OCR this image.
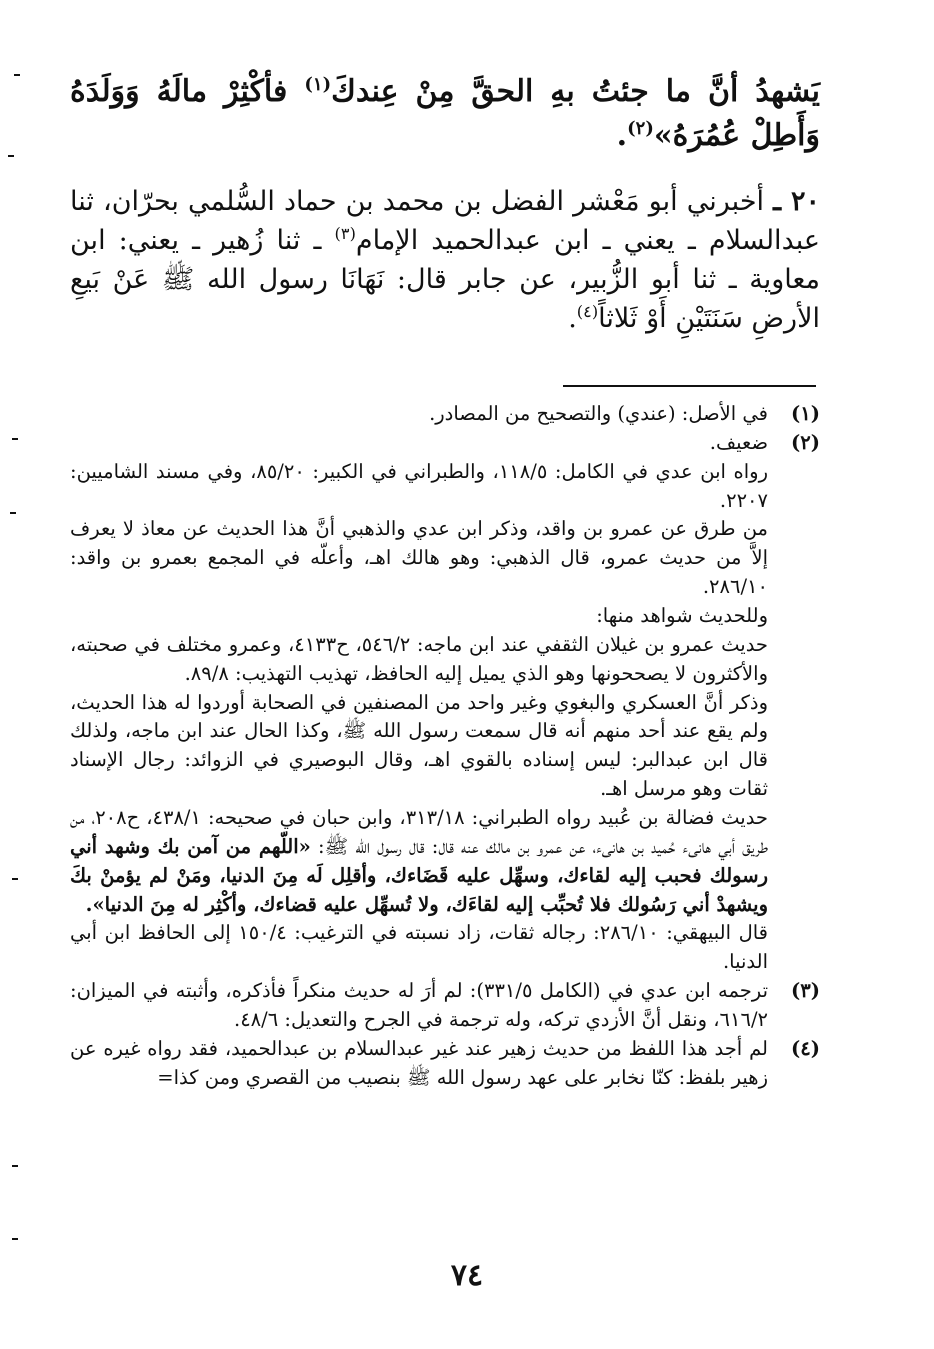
يَشهدُ أنَّ ما جئتُ بهِ الحقَّ مِنْ عِندكَ$^{(١)}$ فأكْثِرْ مالَهُ وَوَلَدَهُ وَأَطِلْ عُمُرَهُ»$^{(٢)}$.
٢٠ ـ أخبرني أبو مَعْشر الفضل بن محمد بن حماد السُّلمي بحرّان، ثنا عبدالسلام ـ يعني ـ ابن عبدالحميد الإمام$^{(٣)}$ ـ ثنا زُهير ـ يعني: ابن معاوية ـ ثنا أبو الزُّبير، عن جابر قال: نَهَانَا رسول الله ﷺ عَنْ بَيعِ الأرضِ سَنَتَيْنِ أَوْ ثَلاثاً$^{(٤)}$.
(١)

في الأصل: (عندي) والتصحيح من المصادر.

(٢)

ضعيف.

رواه ابن عدي في الكامل: ١١٨/٥، والطبراني في الكبير: ٨٥/٢٠، وفي مسند الشاميين: ٢٢٠٧.

من طرق عن عمرو بن واقد، وذكر ابن عدي والذهبي أنَّ هذا الحديث عن معاذ لا يعرف إلاَّ من حديث عمرو، قال الذهبي: وهو هالك اهـ، وأعلّه في المجمع بعمرو بن واقد: ٢٨٦/١٠.

وللحديث شواهد منها:

حديث عمرو بن غيلان الثقفي عند ابن ماجه: ٥٤٦/٢، ح٤١٣٣، وعمرو مختلف في صحبته، والأكثرون لا يصححونها وهو الذي يميل إليه الحافظ، تهذيب التهذيب: ٨٩/٨.

وذكر أنَّ العسكري والبغوي وغير واحد من المصنفين في الصحابة أوردوا له هذا الحديث، ولم يقع عند أحد منهم أنه قال سمعت رسول الله ﷺ، وكذا الحال عند ابن ماجه، ولذلك قال ابن عبدالبر: ليس إسناده بالقوي اهـ، وقال البوصيري في الزوائد: رجال الإسناد ثقات وهو مرسل اهـ.

حديث فضالة بن عُبيد رواه الطبراني: ٣١٣/١٨، وابن حبان في صحيحه: ٤٣٨/١، ح٢٠٨، من طريق أبي هانىء حُميد بن هانىء، عن عمرو بن مالك عنه قال: قال رسول الله ﷺ: «اللّهم من آمن بك وشهد أني رسولك فحبب إليه لقاءك، وسهِّل عليه قَضَاءك، وأقلِل لَه مِنَ الدنيا، ومَنْ لم يؤمنْ بكَ ويشهدْ أني رَسُولك فلا تُحبِّب إليه لقاءَك، ولا تُسهِّل عليه قضاءك، وأكْثِر له مِنَ الدنيا».

قال البيهقي: ٢٨٦/١٠: رجاله ثقات، زاد نسبته في الترغيب: ١٥٠/٤ إلى الحافظ ابن أبي الدنيا.

(٣)

ترجمه ابن عدي في (الكامل ٣٣١/٥): لم أرَ له حديث منكراً فأذكره، وأثبته في الميزان: ٦١٦/٢، ونقل أنَّ الأزدي تركه، وله ترجمة في الجرح والتعديل: ٤٨/٦.

(٤)

لم أجد هذا اللفظ من حديث زهير عند غير عبدالسلام بن عبدالحميد، فقد رواه غيره عن زهير بلفظ: كنّا نخابر على عهد رسول الله ﷺ بنصيب من القصري ومن كذا=

٧٤
